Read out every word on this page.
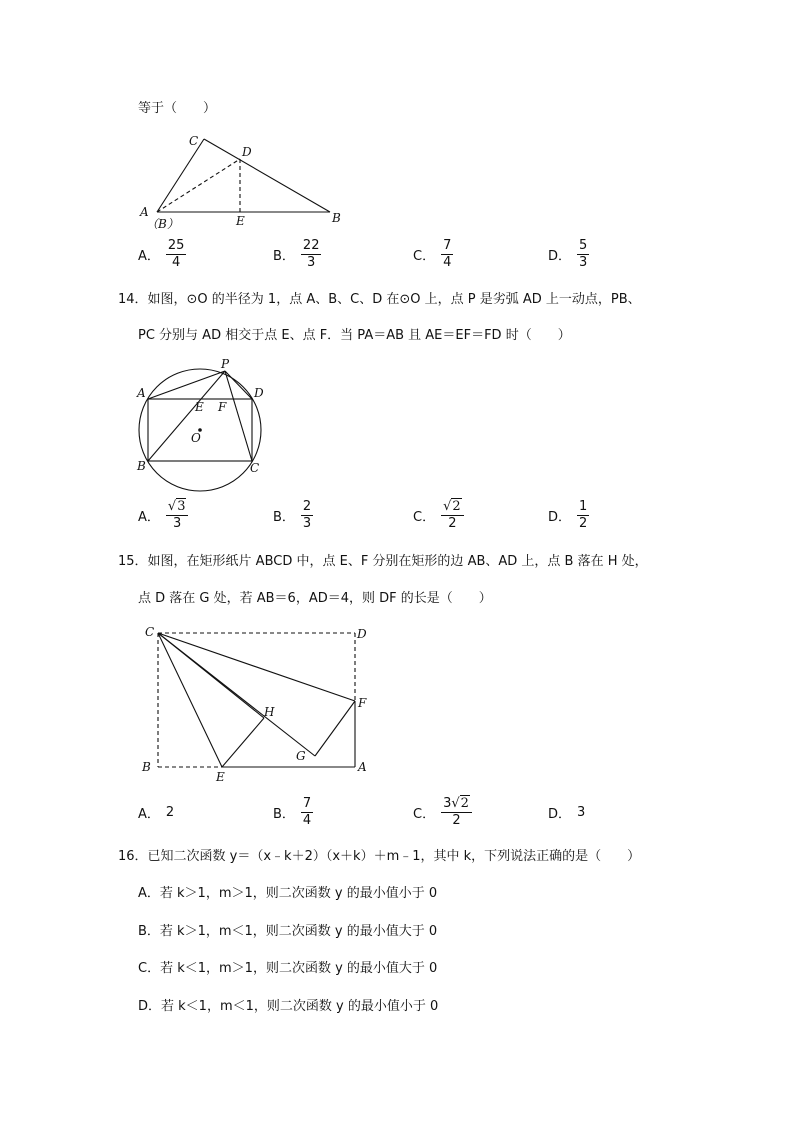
等于（　　）
C
D
A
（B）	E	B
A． $\frac{25}{4}$	B． $\frac{22}{3}$	C． $\frac{7}{4}$	D． $\frac{5}{3}$
14．如图，⊙O 的半径为 1，点 A、B、C、D 在⊙O 上，点 P 是劣弧 AD 上一动点，PB、
PC 分别与 AD 相交于点 E、点 F．当 PA＝AB 且 AE＝EF＝FD 时（　　）
P
A	D
E F
O
B	C
A． $\frac{√3}{3}$	B． $\frac{2}{3}$	C． $\frac{√2}{2}$	D． $\frac{1}{2}$
15．如图，在矩形纸片 ABCD 中，点 E、F 分别在矩形的边 AB、AD 上，点 B 落在 H 处，
点 D 落在 G 处，若 AB＝6，AD＝4，则 DF 的长是（　　）
C	D
F
H
G
B
E
A
A． 2	B． $\frac{7}{4}$	C． $\frac{3√2}{2}$	D． 3
16．已知二次函数 y＝（x﹣k＋2）（x＋k）＋m﹣1，其中 k，下列说法正确的是（　　）
A．若 k＞1，m＞1，则二次函数 y 的最小值小于 0
B．若 k＞1，m＜1，则二次函数 y 的最小值大于 0
C．若 k＜1，m＞1，则二次函数 y 的最小值大于 0
D．若 k＜1，m＜1，则二次函数 y 的最小值小于 0
